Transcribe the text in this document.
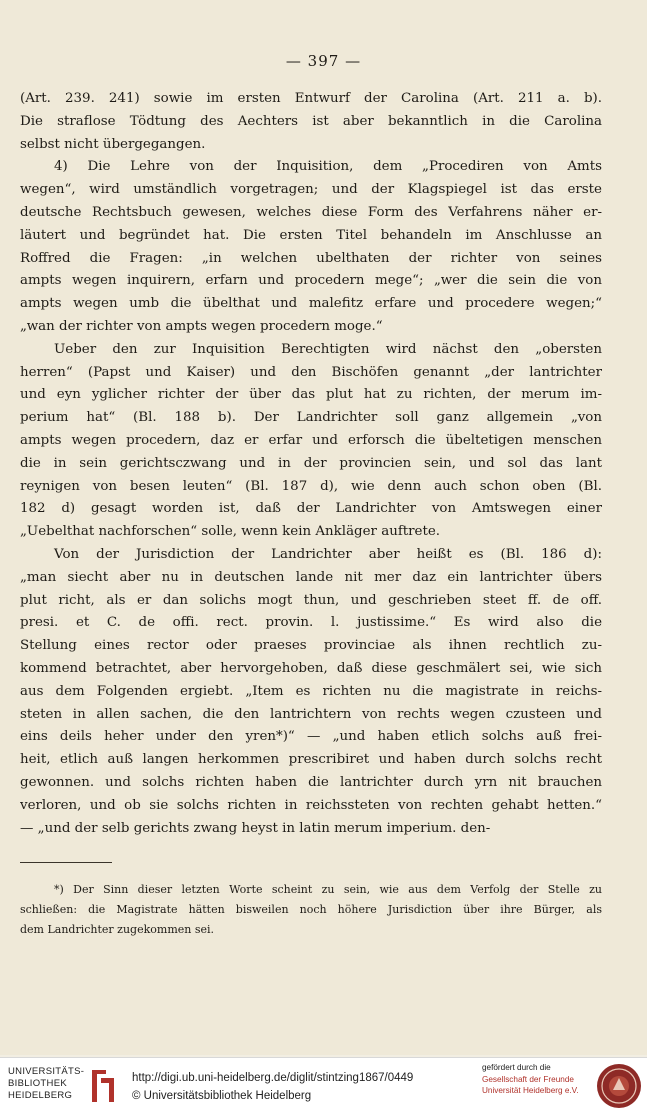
— 397 —
(Art. 239. 241) sowie im ersten Entwurf der Carolina (Art. 211 a. b).
Die straflose Tödtung des Aechters ist aber bekanntlich in die Carolina
selbst nicht übergegangen.
4) Die Lehre von der Inquisition, dem „Procediren von Amts
wegen“, wird umständlich vorgetragen; und der Klagspiegel ist das erste
deutsche Rechtsbuch gewesen, welches diese Form des Verfahrens näher er-
läutert und begründet hat. Die ersten Titel behandeln im Anschlusse an
Roffred die Fragen: „in welchen ubelthaten der richter von seines
ampts wegen inquirern, erfarn und procedern mege“; „wer die sein die von
ampts wegen umb die übelthat und malefitz erfare und procedere wegen;“
„wan der richter von ampts wegen procedern moge.“
Ueber den zur Inquisition Berechtigten wird nächst den „obersten
herren“ (Papst und Kaiser) und den Bischöfen genannt „der lantrichter
und eyn yglicher richter der über das plut hat zu richten, der merum im-
perium hat“ (Bl. 188 b). Der Landrichter soll ganz allgemein „von
ampts wegen procedern, daz er erfar und erforsch die übeltetigen menschen
die in sein gerichtsczwang und in der provincien sein, und sol das lant
reynigen von besen leuten“ (Bl. 187 d), wie denn auch schon oben (Bl.
182 d) gesagt worden ist, daß der Landrichter von Amtswegen einer
„Uebelthat nachforschen“ solle, wenn kein Ankläger auftrete.
Von der Jurisdiction der Landrichter aber heißt es (Bl. 186 d):
„man siecht aber nu in deutschen lande nit mer daz ein lantrichter übers
plut richt, als er dan solichs mogt thun, und geschrieben steet ff. de off.
presi. et C. de offi. rect. provin. l. justissime.“ Es wird also die
Stellung eines rector oder praeses provinciae als ihnen rechtlich zu-
kommend betrachtet, aber hervorgehoben, daß diese geschmälert sei, wie sich
aus dem Folgenden ergiebt. „Item es richten nu die magistrate in reichs-
steten in allen sachen, die den lantrichtern von rechts wegen czusteen und
eins deils heher under den yren*)“ — „und haben etlich solchs auß frei-
heit, etlich auß langen herkommen prescribiret und haben durch solchs recht
gewonnen. und solchs richten haben die lantrichter durch yrn nit brauchen
verloren, und ob sie solchs richten in reichssteten von rechten gehabt hetten.“
— „und der selb gerichts zwang heyst in latin merum imperium. den-
*) Der Sinn dieser letzten Worte scheint zu sein, wie aus dem Verfolg der Stelle zu
schließen: die Magistrate hätten bisweilen noch höhere Jurisdiction über ihre Bürger, als
dem Landrichter zugekommen sei.
UNIVERSITÄTS-
BIBLIOTHEK
HEIDELBERG
http://digi.ub.uni-heidelberg.de/diglit/stintzing1867/0449
© Universitätsbibliothek Heidelberg
gefördert durch die
Gesellschaft der Freunde
Universität Heidelberg e.V.
